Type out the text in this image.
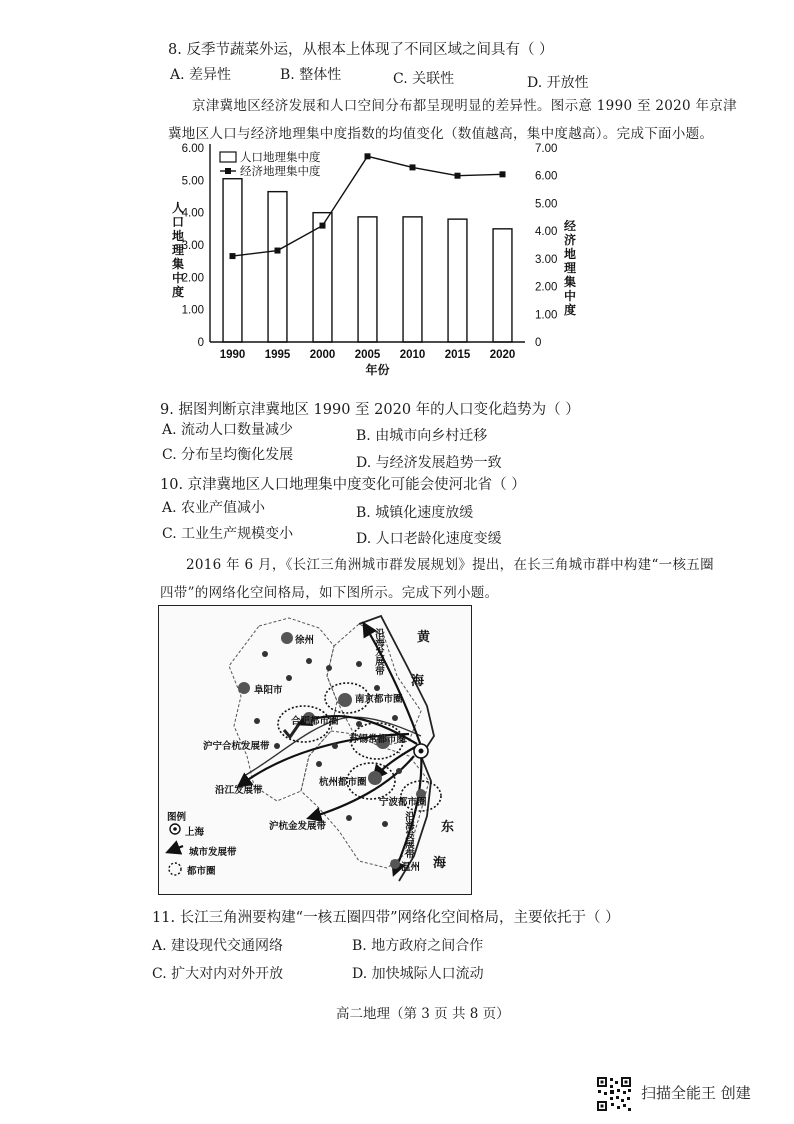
8. 反季节蔬菜外运，从根本上体现了不同区域之间具有（ ）
A. 差异性	B. 整体性	C. 关联性	D. 开放性
京津冀地区经济发展和人口空间分布都呈现明显的差异性。图示意 1990 至 2020 年京津
冀地区人口与经济地理集中度指数的均值变化（数值越高，集中度越高）。完成下面小题。
0
1.00
2.00
3.00
4.00
5.00
6.00
0
1.00
2.00
3.00
4.00
5.00
6.00
7.00
人
口
地
理
集
中
度
经
济
地
理
集
中
度
1990 1995 2000 2005 2010 2015 2020
年份
人口地理集中度
经济地理集中度
9. 据图判断京津冀地区 1990 至 2020 年的人口变化趋势为（ ）
A. 流动人口数量减少	B. 由城市向乡村迁移
C. 分布呈均衡化发展	D. 与经济发展趋势一致
10. 京津冀地区人口地理集中度变化可能会使河北省（ ）
A. 农业产值减小	B. 城镇化速度放缓
C. 工业生产规模变小	D. 人口老龄化速度变缓
2016 年 6 月，《长江三角洲城市群发展规划》提出，在长三角城市群中构建“一核五圈
四带”的网络化空间格局，如下图所示。完成下列小题。
徐州
阜阳市
南京都市圈
合肥都市圈
苏锡常都市圈
杭州都市圈
宁波都市圈
温州
沪宁合杭发展带
沿江发展带
沪杭金发展带
沿海发展带
沿海发展带
黄
海
东
海
图例
上海
城市发展带
都市圈
11. 长江三角洲要构建“一核五圈四带”网络化空间格局，主要依托于（ ）
A. 建设现代交通网络	B. 地方政府之间合作
C. 扩大对内对外开放	D. 加快城际人口流动
高二地理（第 3 页 共 8 页）
扫描全能王 创建
